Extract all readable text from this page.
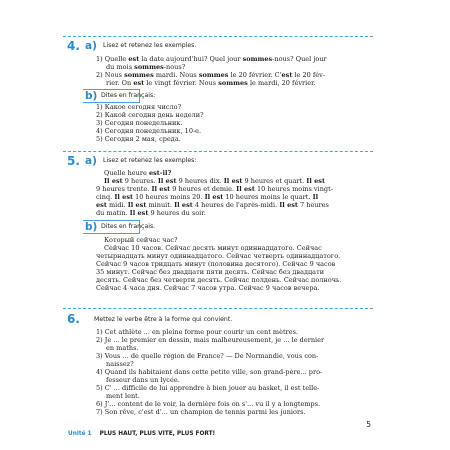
4. a) Lisez et retenez les exemples.
1) Quelle est la date aujourd'hui? Quel jour sommes-nous? Quel jour
du mois sommes-nous?
2) Nous sommes mardi. Nous sommes le 20 février. C'est le 20 fév-
rier. On est le vingt février. Nous sommes le mardi, 20 février.
b) Dites en français:
1) Какое сегодня число?
2) Какой сегодня день недели?
3) Сегодня понедельник.
4) Сегодня понедельник, 10-е.
5) Сегодня 2 мая, среда.
5. a) Lisez et retenez les exemples:
Quelle heure est-il?
Il est 9 heures. Il est 9 heures dix. Il est 9 heures et quart. Il est
9 heures trente. Il est 9 heures et demie. Il est 10 heures moins vingt-
cinq. Il est 10 heures moins 20. Il est 10 heures moins le quart. Il
est midi. Il est minuit. Il est 4 heures de l'après-midi. Il est 7 heures
du matin. Il est 9 heures du soir.
b) Dites en français.
Который сейчас час?
Сейчас 10 часов. Сейчас десять минут одиннадцатого. Сейчас
четырнадцать минут одиннадцатого. Сейчас четверть одиннадцатого.
Сейчас 9 часов тридцать минут (половина десятого). Сейчас 9 часов
35 минут. Сейчас без двадцати пяти десять. Сейчас без двадцати
десять. Сейчас без четверти десять. Сейчас полдень. Сейчас полночь.
Сейчас 4 часа дня. Сейчас 7 часов утра. Сейчас 9 часов вечера.
6. Mettez le verbe être à la forme qui convient.
1) Cet athlète ... en pleine forme pour courir un cent mètres.
2) Je ... le premier en dessin, mais malheureusement, je ... le dernier
en maths.
3) Vous ... de quelle région de France? — De Normandie, vous con-
naissez?
4) Quand ils habitaient dans cette petite ville, son grand-père... pro-
fesseur dans un lycée.
5) C' ... difficile de lui apprendre à bien jouer au basket, il est telle-
ment lent.
6) J'... content de le voir, la dernière fois on s'... vu il y a longtemps.
7) Son rêve, c'est d'... un champion de tennis parmi les juniors.
5
Unité 1 PLUS HAUT, PLUS VITE, PLUS FORT!
